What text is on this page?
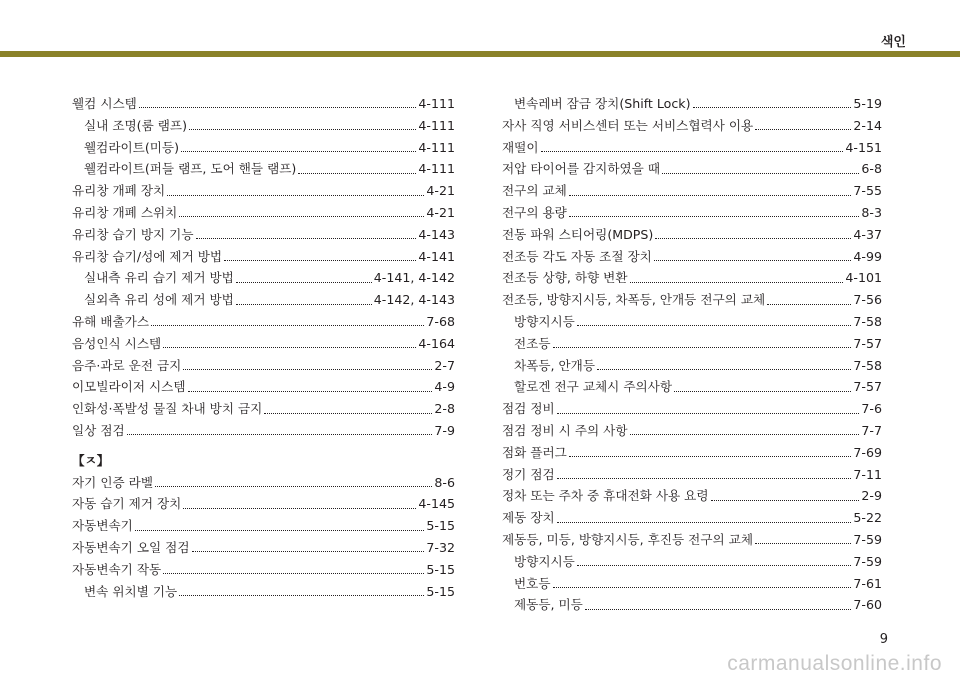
색인
웰컴 시스템	4-111
실내 조명(룸 램프)	4-111
웰컴라이트(미등)	4-111
웰컴라이트(퍼들 램프, 도어 핸들 램프)	4-111
유리창 개폐 장치	4-21
유리창 개폐 스위치	4-21
유리창 습기 방지 기능	4-143
유리창 습기/성에 제거 방법	4-141
실내측 유리 습기 제거 방법	4-141, 4-142
실외측 유리 성에 제거 방법	4-142, 4-143
유해 배출가스	7-68
음성인식 시스템	4-164
음주·과로 운전 금지	2-7
이모빌라이저 시스템	4-9
인화성·폭발성 물질 차내 방치 금지	2-8
일상 점검	7-9
【ㅈ】
자기 인증 라벨	8-6
자동 습기 제거 장치	4-145
자동변속기	5-15
자동변속기 오일 점검	7-32
자동변속기 작동	5-15
변속 위치별 기능	5-15
변속레버 잠금 장치(Shift Lock)	5-19
자사 직영 서비스센터 또는 서비스협력사 이용	2-14
재떨이	4-151
저압 타이어를 감지하였을 때	6-8
전구의 교체	7-55
전구의 용량	8-3
전동 파워 스티어링(MDPS)	4-37
전조등 각도 자동 조절 장치	4-99
전조등 상향, 하향 변환	4-101
전조등, 방향지시등, 차폭등, 안개등 전구의 교체	7-56
방향지시등	7-58
전조등	7-57
차폭등, 안개등	7-58
할로겐 전구 교체시 주의사항	7-57
점검 정비	7-6
점검 정비 시 주의 사항	7-7
점화 플러그	7-69
정기 점검	7-11
정차 또는 주차 중 휴대전화 사용 요령	2-9
제동 장치	5-22
제동등, 미등, 방향지시등, 후진등 전구의 교체	7-59
방향지시등	7-59
번호등	7-61
제동등, 미등	7-60
9
carmanualsonline.info
